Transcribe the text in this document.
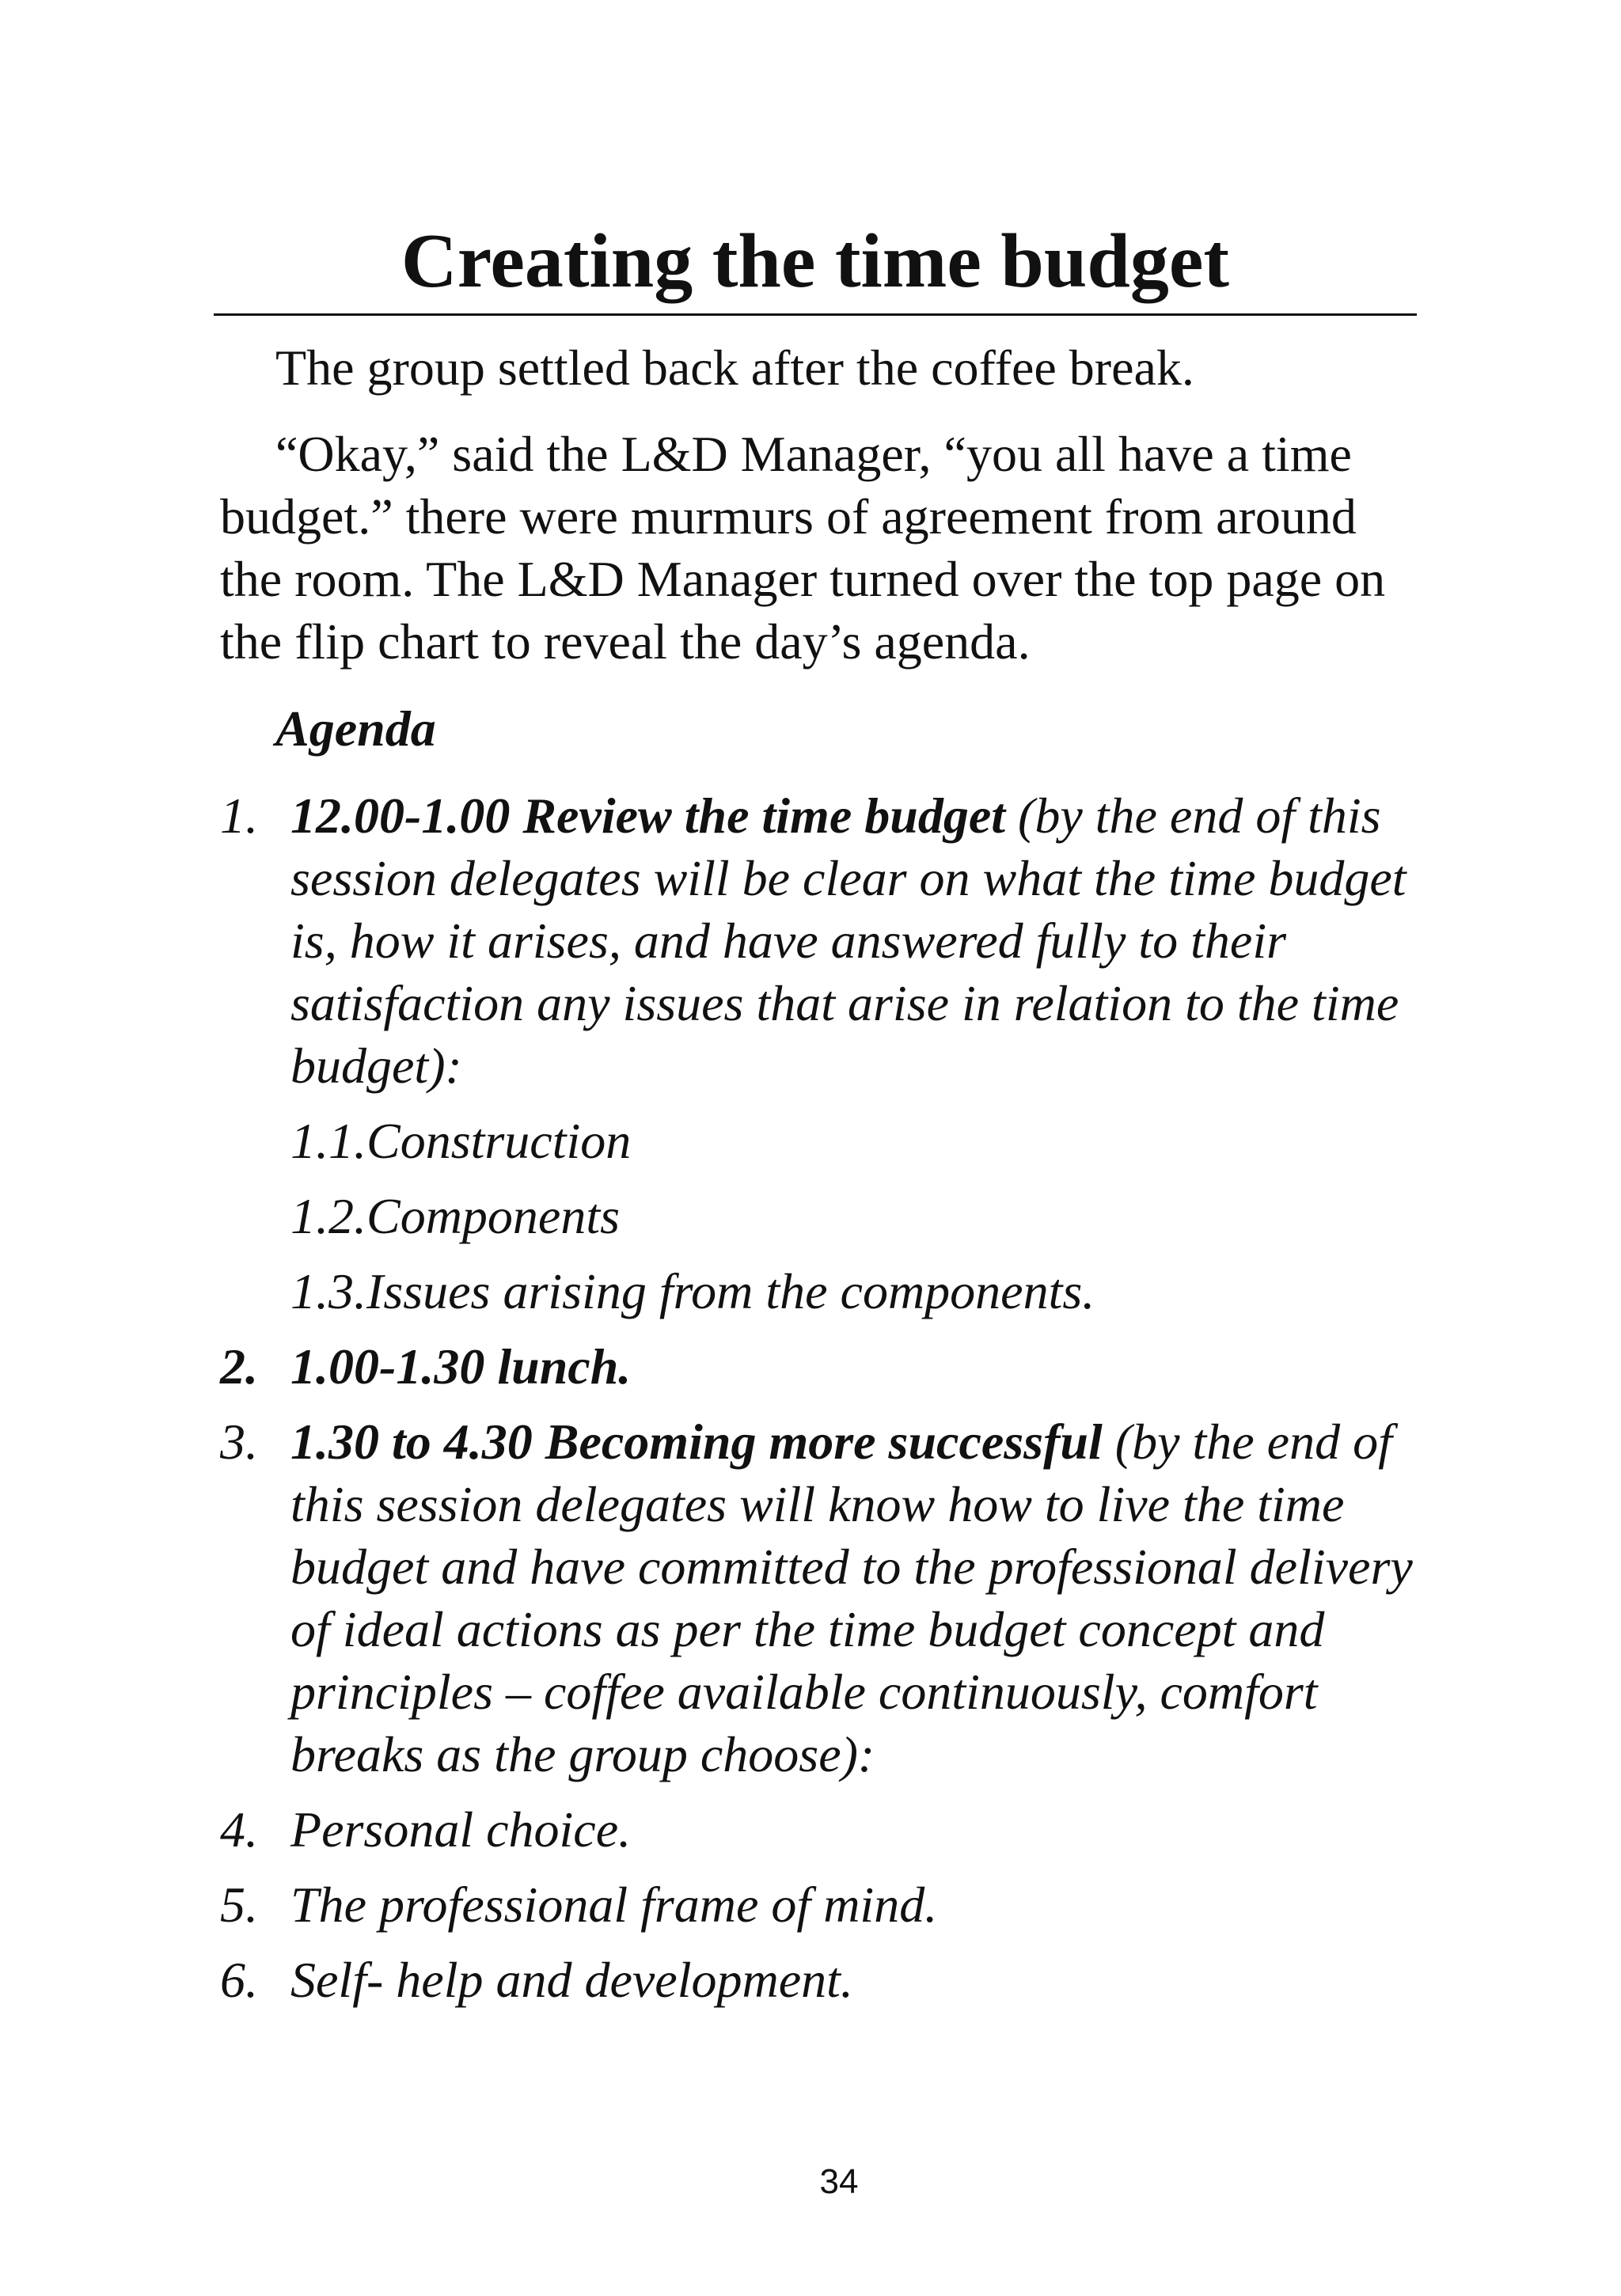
Creating the time budget

The group settled back after the coffee break.

“Okay,” said the L&D Manager, “you all have a time budget.” there were murmurs of agreement from around the room. The L&D Manager turned over the top page on the flip chart to reveal the day’s agenda.

Agenda
1. 12.00-1.00 Review the time budget (by the end of this session delegates will be clear on what the time budget is, how it arises, and have answered fully to their satisfaction any issues that arise in relation to the time budget):
1.1.Construction
1.2.Components
1.3.Issues arising from the components.
2. 1.00-1.30 lunch.
3. 1.30 to 4.30 Becoming more successful (by the end of this session delegates will know how to live the time budget and have committed to the professional delivery of ideal actions as per the time budget concept and principles – coffee available continuously, comfort breaks as the group choose):
4. Personal choice.
5. The professional frame of mind.
6. Self- help and development.
34
